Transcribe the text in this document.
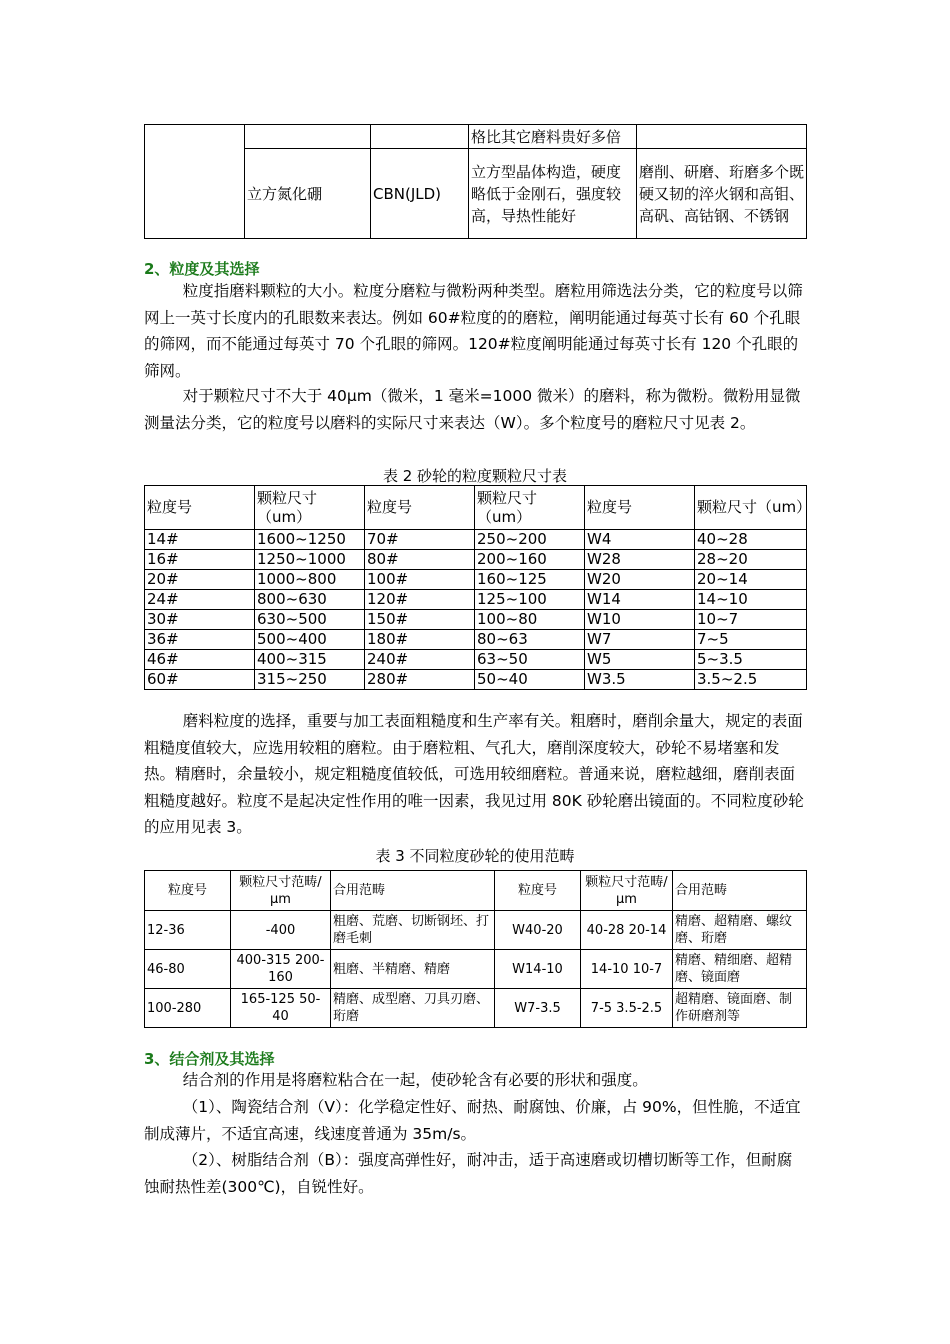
			格比其它磨料贵好多倍	
	立方氮化硼	CBN(JLD)	立方型晶体构造，硬度略低于金刚石，强度较高，导热性能好	磨削、研磨、珩磨多个既硬又韧的淬火钢和高钼、高矾、高钴钢、不锈钢
2、粒度及其选择

粒度指磨料颗粒的大小。粒度分磨粒与微粉两种类型。磨粒用筛选法分类，它的粒度号以筛网上一英寸长度内的孔眼数来表达。例如 60#粒度的的磨粒，阐明能通过每英寸长有 60 个孔眼的筛网，而不能通过每英寸 70 个孔眼的筛网。120#粒度阐明能通过每英寸长有 120 个孔眼的筛网。

对于颗粒尺寸不大于 40μm（微米，1 毫米=1000 微米）的磨料，称为微粉。微粉用显微测量法分类，它的粒度号以磨料的实际尺寸来表达（W）。多个粒度号的磨粒尺寸见表 2。

表 2 砂轮的粒度颗粒尺寸表
粒度号	颗粒尺寸（um）	粒度号	颗粒尺寸（um）	粒度号	颗粒尺寸（um）
14#	1600~1250	70#	250~200	W4	40~28
16#	1250~1000	80#	200~160	W28	28~20
20#	1000~800	100#	160~125	W20	20~14
24#	800~630	120#	125~100	W14	14~10
30#	630~500	150#	100~80	W10	10~7
36#	500~400	180#	80~63	W7	7~5
46#	400~315	240#	63~50	W5	5~3.5
60#	315~250	280#	50~40	W3.5	3.5~2.5

磨料粒度的选择，重要与加工表面粗糙度和生产率有关。粗磨时，磨削余量大，规定的表面粗糙度值较大，应选用较粗的磨粒。由于磨粒粗、气孔大，磨削深度较大，砂轮不易堵塞和发热。精磨时，余量较小，规定粗糙度值较低，可选用较细磨粒。普通来说，磨粒越细，磨削表面粗糙度越好。粒度不是起决定性作用的唯一因素，我见过用 80K 砂轮磨出镜面的。不同粒度砂轮的应用见表 3。

表 3 不同粒度砂轮的使用范畴
粒度号	颗粒尺寸范畴/μm	合用范畴	粒度号	颗粒尺寸范畴/μm	合用范畴
12-36	-400	粗磨、荒磨、切断钢坯、打磨毛刺	W40-20	40-28 20-14	精磨、超精磨、螺纹磨、珩磨
46-80	400-315 200-160	粗磨、半精磨、精磨	W14-10	14-10 10-7	精磨、精细磨、超精磨、镜面磨
100-280	165-125 50-40	精磨、成型磨、刀具刃磨、珩磨	W7-3.5	7-5 3.5-2.5	超精磨、镜面磨、制作研磨剂等
3、结合剂及其选择

结合剂的作用是将磨粒粘合在一起，使砂轮含有必要的形状和强度。

（1）、陶瓷结合剂（V）：化学稳定性好、耐热、耐腐蚀、价廉，占 90%，但性脆，不适宜制成薄片，不适宜高速，线速度普通为 35m/s。

（2）、树脂结合剂（B）：强度高弹性好，耐冲击，适于高速磨或切槽切断等工作，但耐腐蚀耐热性差(300℃)，自锐性好。
